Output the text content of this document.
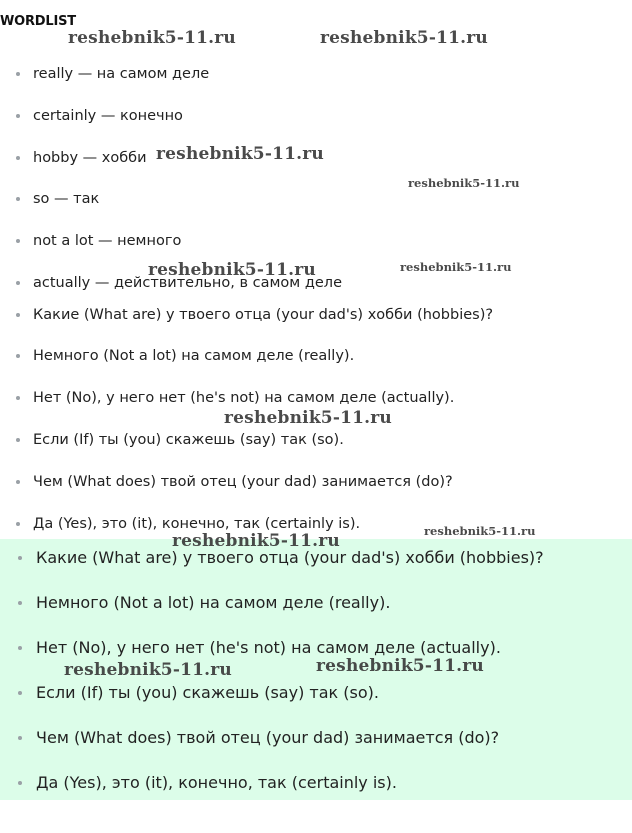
WORDLIST
really — на самом деле
certainly — конечно
hobby — хобби
so — так
not a lot — немного
actually — действительно, в самом деле
Какие (What are) у твоего отца (your dad's) хобби (hobbies)?
Немного (Not a lot) на самом деле (really).
Нет (No), у него нет (he's not) на самом деле (actually).
Если (If) ты (you) скажешь (say) так (so).
Чем (What does) твой отец (your dad) занимается (do)?
Да (Yes), это (it), конечно, так (certainly is).
Какие (What are) у твоего отца (your dad's) хобби (hobbies)?
Немного (Not a lot) на самом деле (really).
Нет (No), у него нет (he's not) на самом деле (actually).
Если (If) ты (you) скажешь (say) так (so).
Чем (What does) твой отец (your dad) занимается (do)?
Да (Yes), это (it), конечно, так (certainly is).
reshebnik5-11.ru	reshebnik5-11.ru
reshebnik5-11.ru
reshebnik5-11.ru
reshebnik5-11.ru	reshebnik5-11.ru
reshebnik5-11.ru
reshebnik5-11.ru
reshebnik5-11.ru
reshebnik5-11.ru	reshebnik5-11.ru
